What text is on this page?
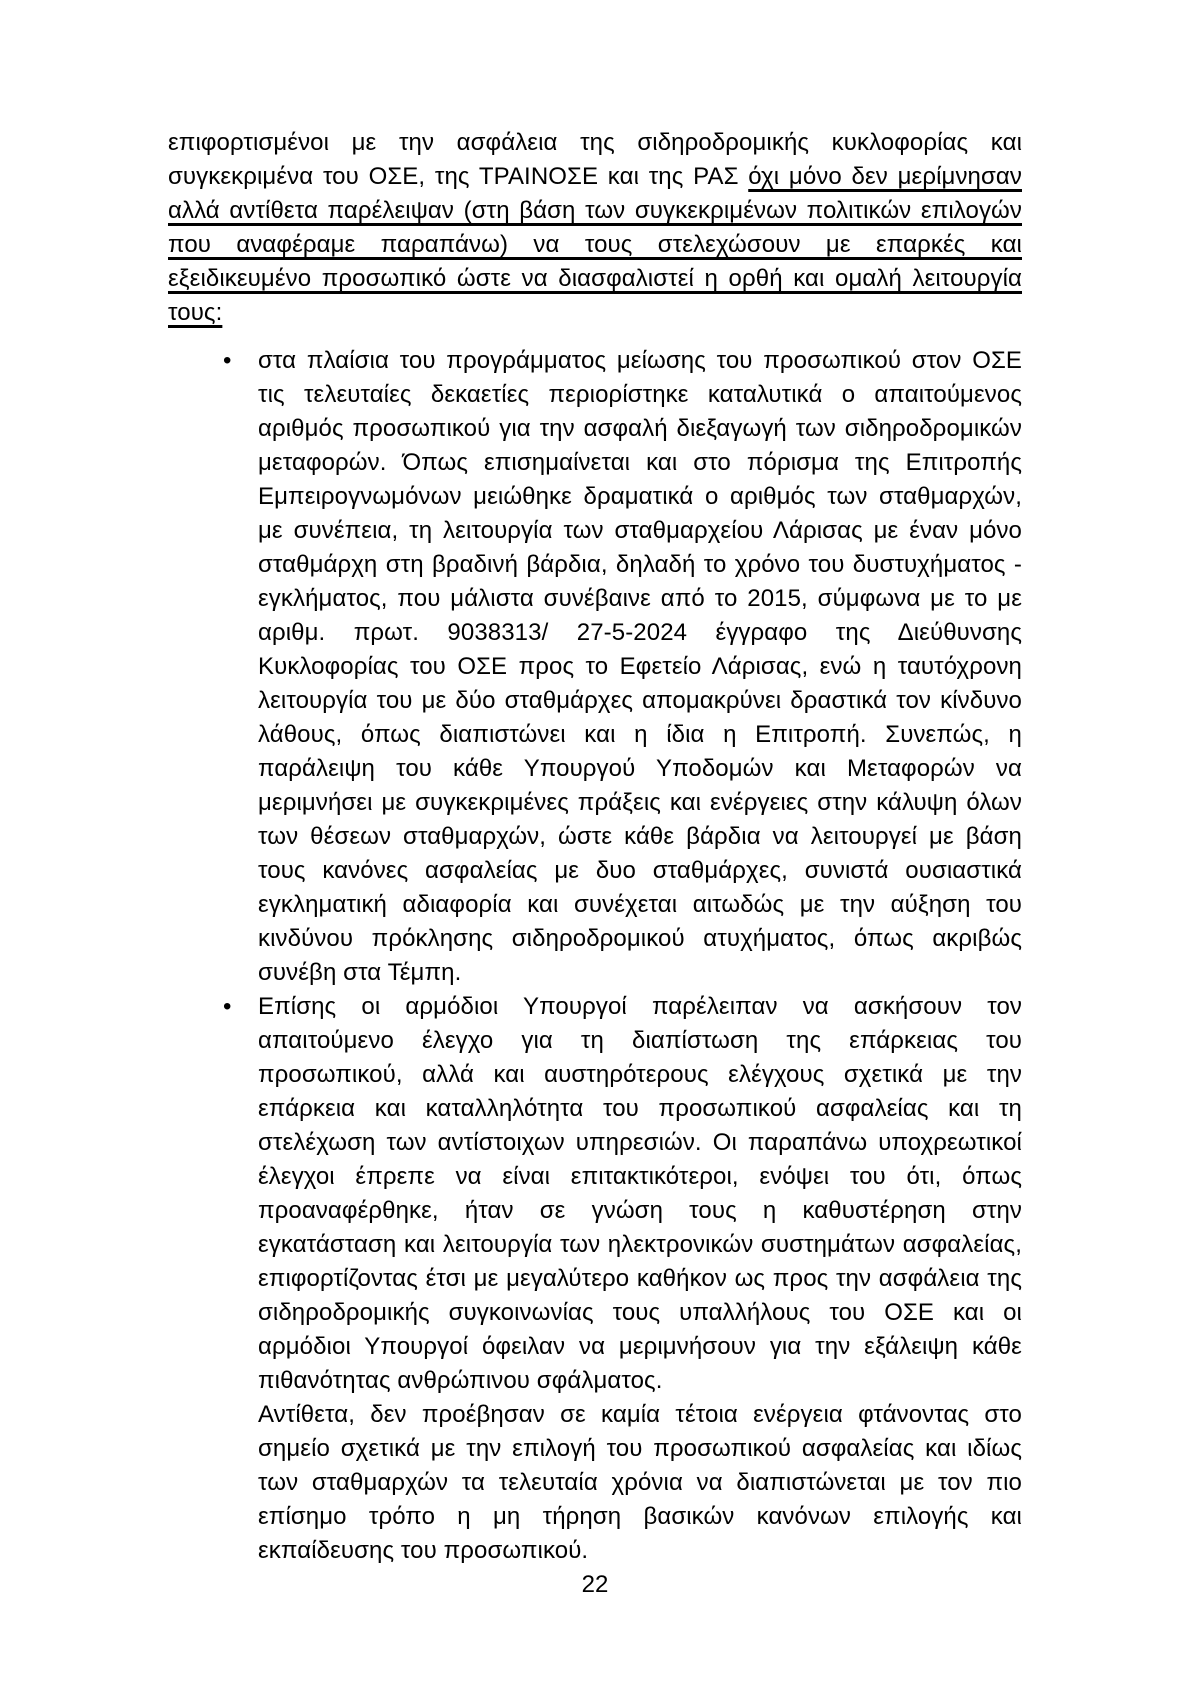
επιφορτισμένοι με την ασφάλεια της σιδηροδρομικής κυκλοφορίας και συγκεκριμένα του ΟΣΕ, της ΤΡΑΙΝΟΣΕ και της ΡΑΣ όχι μόνο δεν μερίμνησαν αλλά αντίθετα παρέλειψαν (στη βάση των συγκεκριμένων πολιτικών επιλογών που αναφέραμε παραπάνω) να τους στελεχώσουν με επαρκές και εξειδικευμένο προσωπικό ώστε να διασφαλιστεί η ορθή και ομαλή λειτουργία τους:

• στα πλαίσια του προγράμματος μείωσης του προσωπικού στον ΟΣΕ τις τελευταίες δεκαετίες περιορίστηκε καταλυτικά ο απαιτούμενος αριθμός προσωπικού για την ασφαλή διεξαγωγή των σιδηροδρομικών μεταφορών. Όπως επισημαίνεται και στο πόρισμα της Επιτροπής Εμπειρογνωμόνων μειώθηκε δραματικά ο αριθμός των σταθμαρχών, με συνέπεια, τη λειτουργία των σταθμαρχείου Λάρισας με έναν μόνο σταθμάρχη στη βραδινή βάρδια, δηλαδή το χρόνο του δυστυχήματος - εγκλήματος, που μάλιστα συνέβαινε από το 2015, σύμφωνα με το με αριθμ. πρωτ. 9038313/ 27-5-2024 έγγραφο της Διεύθυνσης Κυκλοφορίας του ΟΣΕ προς το Εφετείο Λάρισας, ενώ η ταυτόχρονη λειτουργία του με δύο σταθμάρχες απομακρύνει δραστικά τον κίνδυνο λάθους, όπως διαπιστώνει και η ίδια η Επιτροπή. Συνεπώς, η παράλειψη του κάθε Υπουργού Υποδομών και Μεταφορών να μεριμνήσει με συγκεκριμένες πράξεις και ενέργειες στην κάλυψη όλων των θέσεων σταθμαρχών, ώστε κάθε βάρδια να λειτουργεί με βάση τους κανόνες ασφαλείας με δυο σταθμάρχες, συνιστά ουσιαστικά εγκληματική αδιαφορία και συνέχεται αιτωδώς με την αύξηση του κινδύνου πρόκλησης σιδηροδρομικού ατυχήματος, όπως ακριβώς συνέβη στα Τέμπη.

• Επίσης οι αρμόδιοι Υπουργοί παρέλειπαν να ασκήσουν τον απαιτούμενο έλεγχο για τη διαπίστωση της επάρκειας του προσωπικού, αλλά και αυστηρότερους ελέγχους σχετικά με την επάρκεια και καταλληλότητα του προσωπικού ασφαλείας και τη στελέχωση των αντίστοιχων υπηρεσιών. Οι παραπάνω υποχρεωτικοί έλεγχοι έπρεπε να είναι επιτακτικότεροι, ενόψει του ότι, όπως προαναφέρθηκε, ήταν σε γνώση τους η καθυστέρηση στην εγκατάσταση και λειτουργία των ηλεκτρονικών συστημάτων ασφαλείας, επιφορτίζοντας έτσι με μεγαλύτερο καθήκον ως προς την ασφάλεια της σιδηροδρομικής συγκοινωνίας τους υπαλλήλους του ΟΣΕ και οι αρμόδιοι Υπουργοί όφειλαν να μεριμνήσουν για την εξάλειψη κάθε πιθανότητας ανθρώπινου σφάλματος.

Αντίθετα, δεν προέβησαν σε καμία τέτοια ενέργεια φτάνοντας στο σημείο σχετικά με την επιλογή του προσωπικού ασφαλείας και ιδίως των σταθμαρχών τα τελευταία χρόνια να διαπιστώνεται με τον πιο επίσημο τρόπο η μη τήρηση βασικών κανόνων επιλογής και εκπαίδευσης του προσωπικού.

22
